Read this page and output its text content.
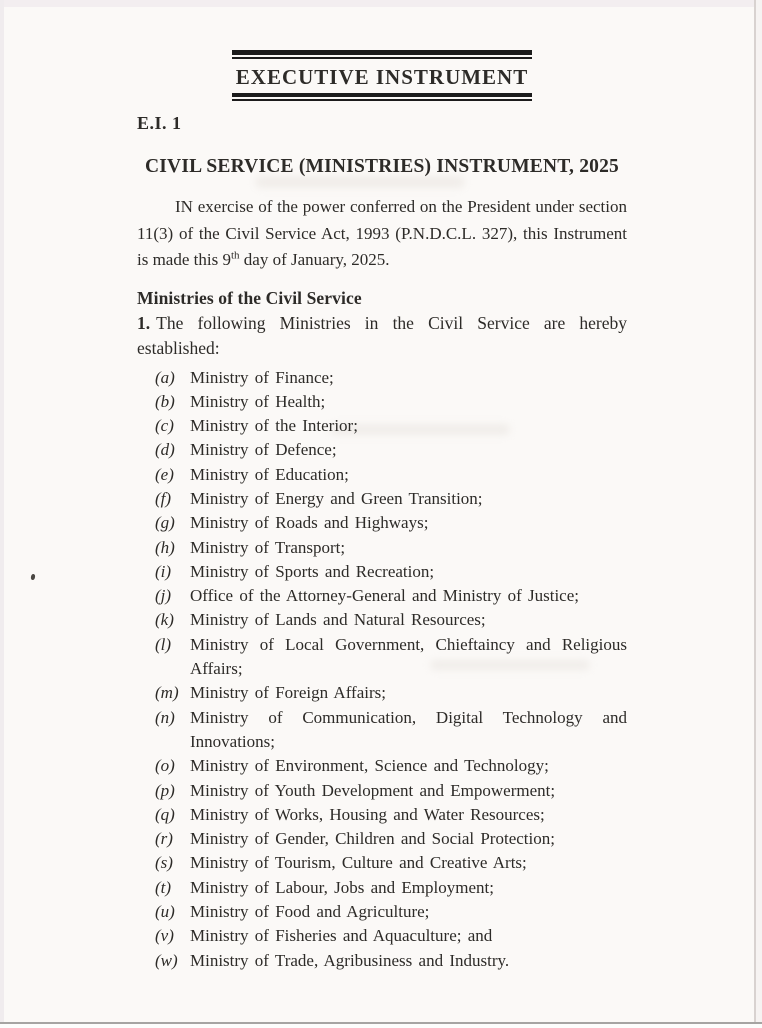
EXECUTIVE INSTRUMENT
E.I. 1
CIVIL SERVICE (MINISTRIES) INSTRUMENT, 2025

IN exercise of the power conferred on the President under section 11(3) of the Civil Service Act, 1993 (P.N.D.C.L. 327), this Instrument is made this 9th day of January, 2025.

Ministries of the Civil Service

1. The following Ministries in the Civil Service are hereby established:

(a) Ministry of Finance;
(b) Ministry of Health;
(c) Ministry of the Interior;
(d) Ministry of Defence;
(e) Ministry of Education;
(f) Ministry of Energy and Green Transition;
(g) Ministry of Roads and Highways;
(h) Ministry of Transport;
(i) Ministry of Sports and Recreation;
(j) Office of the Attorney-General and Ministry of Justice;
(k) Ministry of Lands and Natural Resources;
(l) Ministry of Local Government, Chieftaincy and Religious Affairs;
(m) Ministry of Foreign Affairs;
(n) Ministry of Communication, Digital Technology and Innovations;
(o) Ministry of Environment, Science and Technology;
(p) Ministry of Youth Development and Empowerment;
(q) Ministry of Works, Housing and Water Resources;
(r) Ministry of Gender, Children and Social Protection;
(s) Ministry of Tourism, Culture and Creative Arts;
(t) Ministry of Labour, Jobs and Employment;
(u) Ministry of Food and Agriculture;
(v) Ministry of Fisheries and Aquaculture; and
(w) Ministry of Trade, Agribusiness and Industry.
